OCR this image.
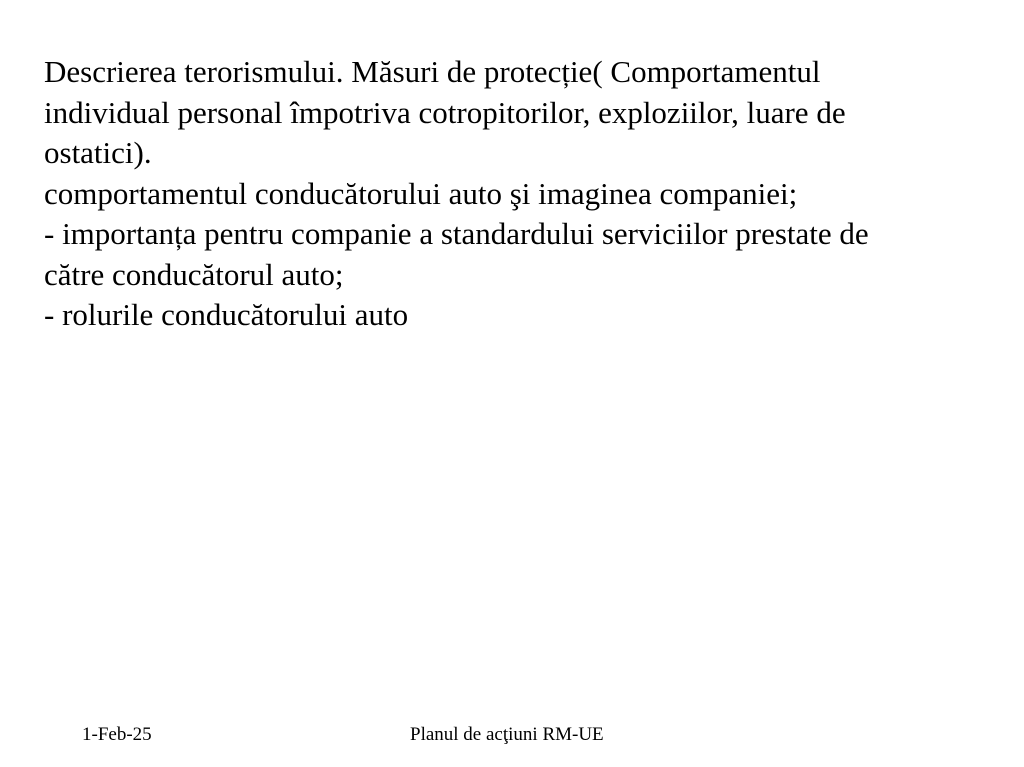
Descrierea terorismului. Măsuri de protecție( Comportamentul
individual personal împotriva cotropitorilor, exploziilor, luare de
ostatici).
comportamentul conducătorului auto şi imaginea companiei;
- importanța pentru companie a standardului serviciilor prestate de
către conducătorul auto;
- rolurile conducătorului auto
1-Feb-25	Planul de acţiuni RM-UE
